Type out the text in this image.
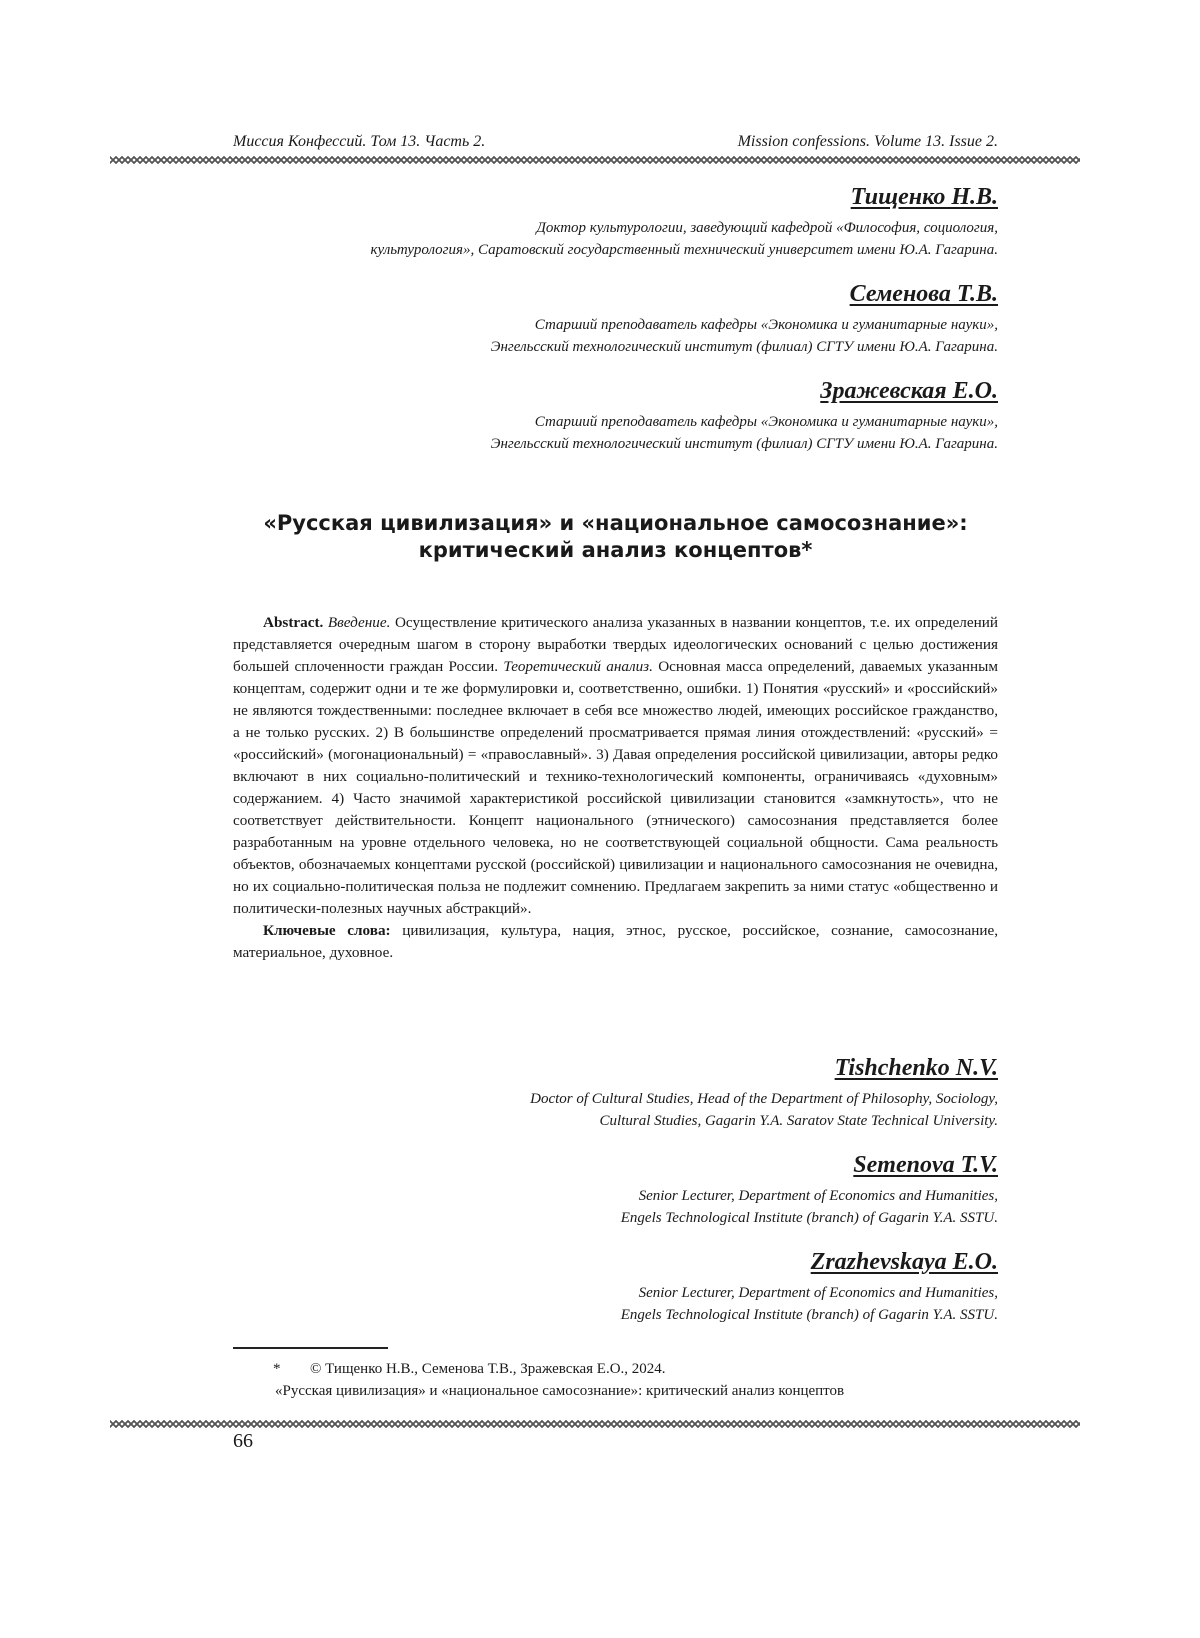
Миссия Конфессий. Том 13. Часть 2.	Mission confessions. Volume 13. Issue 2.
Тищенко Н.В.
Доктор культурологии, заведующий кафедрой «Философия, социология,
культурология», Саратовский государственный технический университет имени Ю.А. Гагарина.
Семенова Т.В.
Старший преподаватель кафедры «Экономика и гуманитарные науки»,
Энгельсский технологический институт (филиал) СГТУ имени Ю.А. Гагарина.
Зражевская Е.О.
Старший преподаватель кафедры «Экономика и гуманитарные науки»,
Энгельсский технологический институт (филиал) СГТУ имени Ю.А. Гагарина.
«Русская цивилизация» и «национальное самосознание»:
критический анализ концептов*

Abstract. Введение. Осуществление критического анализа указанных в названии концептов, т.е. их определений представляется очередным шагом в сторону выработки твердых идеологических оснований с целью достижения большей сплоченности граждан России. Теоретический анализ. Основная масса определений, даваемых указанным концептам, содержит одни и те же формулировки и, соответственно, ошибки. 1) Понятия «русский» и «российский» не являются тождественными: последнее включает в себя все множество людей, имеющих российское гражданство, а не только русских. 2) В большинстве определений просматривается прямая линия отождествлений: «русский» = «российский» (могонациональный) = «православный». 3) Давая определения российской цивилизации, авторы редко включают в них социально-политический и технико-технологический компоненты, ограничиваясь «духовным» содержанием. 4) Часто значимой характеристикой российской цивилизации становится «замкнутость», что не соответствует действительности. Концепт национального (этнического) самосознания представляется более разработанным на уровне отдельного человека, но не соответствующей социальной общности. Сама реальность объектов, обозначаемых концептами русской (российской) цивилизации и национального самосознания не очевидна, но их социально-политическая польза не подлежит сомнению. Предлагаем закрепить за ними статус «общественно и политически-полезных научных абстракций».

Ключевые слова: цивилизация, культура, нация, этнос, русское, российское, сознание, самосознание, материальное, духовное.

Tishchenko N.V.
Doctor of Cultural Studies, Head of the Department of Philosophy, Sociology,
Cultural Studies, Gagarin Y.A. Saratov State Technical University.
Semenova T.V.
Senior Lecturer, Department of Economics and Humanities,
Engels Technological Institute (branch) of Gagarin Y.A. SSTU.
Zrazhevskaya E.O.
Senior Lecturer, Department of Economics and Humanities,
Engels Technological Institute (branch) of Gagarin Y.A. SSTU.
*	© Тищенко Н.В., Семенова Т.В., Зражевская Е.О., 2024.
«Русская цивилизация» и «национальное самосознание»: критический анализ концептов
66
